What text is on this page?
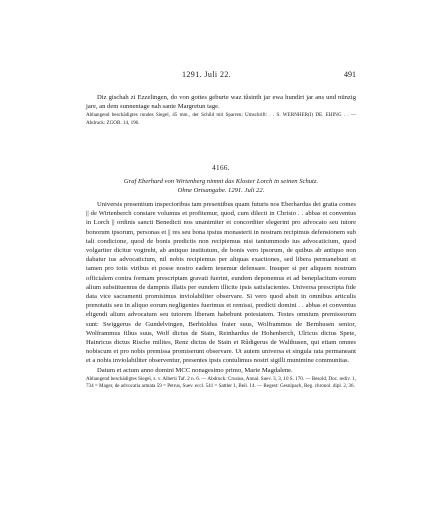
1291. Juli 22.	491

Diz gischah zi Ezzelingen, do von gottes geburte waz tûsinth jar ewa hundirt jar ans und nünzig jare, an dem sunnentage nah sante Margretun tage.

Abhangend beschädigtes rundes Siegel, 45 mm., der Schild mit Sparren; Umschrift: . . S. WERNHER(I) DE. EHING . . — Abdruck: ZGOR. 14, 196.

4166.
Graf Eberhard von Wirtenberg nimmt das Kloster Lorch in seinen Schutz.
Ohne Ortsangabe. 1291. Juli 22.

Universis presentium inspectoribus tam presentibus quam futuris nos Eberhardus dei gratia comes || de Wirtenberch constare volumus et profitemur, quod, cum dilecti in Christo . . abbas et conventus in Lorch || ordinis sancti Benedicti nos unanimiter et concorditer elegerint pro advocato seu tutore bonorum ipsorum, personas et || res seu bona ipsius monasterii in nostram recipimus defensionem sub tali condicione, quod de bonis predictis non recipiemus nisi tantummodo ius advocaticium, quod volgariter dicitur vogtreht, ab antiquo institutum, de bonis vero ipsorum, de quibus ab antiquo non dabatur ius advocaticium, nil nobis recipiemus per aliquas exactiones, sed libera permanebunt et tamen pro totis viribus et posse nostro eadem tenemur defensare. Insuper si per aliquem nostrum officialem contra formam prescriptam gravati fuerint, eundem deponemus et ad beneplacitum eorum alium substituemus de dampnis illatis per eundem illicite ipsis satisfacientes. Universa prescripta fide data vice sacramenti promisimus inviolabiliter observare. Si vero quod absit in omnibus articulis prenotatis seu in aliquo eorum negligentes fuerimus et remissi, predicti domini . . abbas et conventus eligendi alium advocatum seu tutorem liberam habebunt potestatem. Testes omnium premissorum sunt: Swiggerus de Gundelvingen, Berhtoldus frater suus, Wolframmus de Bernhusen senior, Wolframmus filius suus, Wolf dictus de Stain, Reinhardus de Hohenberch, Ulricus dictus Spete, Hainricus dictus Rische milites, Renz dictus de Stain et Rûdigerus de Walthusen, qui etiam omnes nobiscum et pro nobis premissa promiserunt observare. Ut autem universa et singula rata permaneant et a nobis inviolabiliter observentur, presentes ipsis contulimus nostri sigilli munimine communitas.

Datum et actum anno domini MCC nonagesimo primo, Marie Magdalene.

Abhangend beschädigtes Siegel, s. v. Alberti Taf. 2 n. 6. — Abdruck: Crusius, Annal. Suev. 3, 3, 10 S. 170. — Besold, Doc. rediv. 1, 734 = Mager, de advocatia armata 59 = Petrus, Suev. eccl. 541 = Sattler 1, Beil. 14. — Regest: Gesnipach, Reg. chronol. dipl. 2, 36.
